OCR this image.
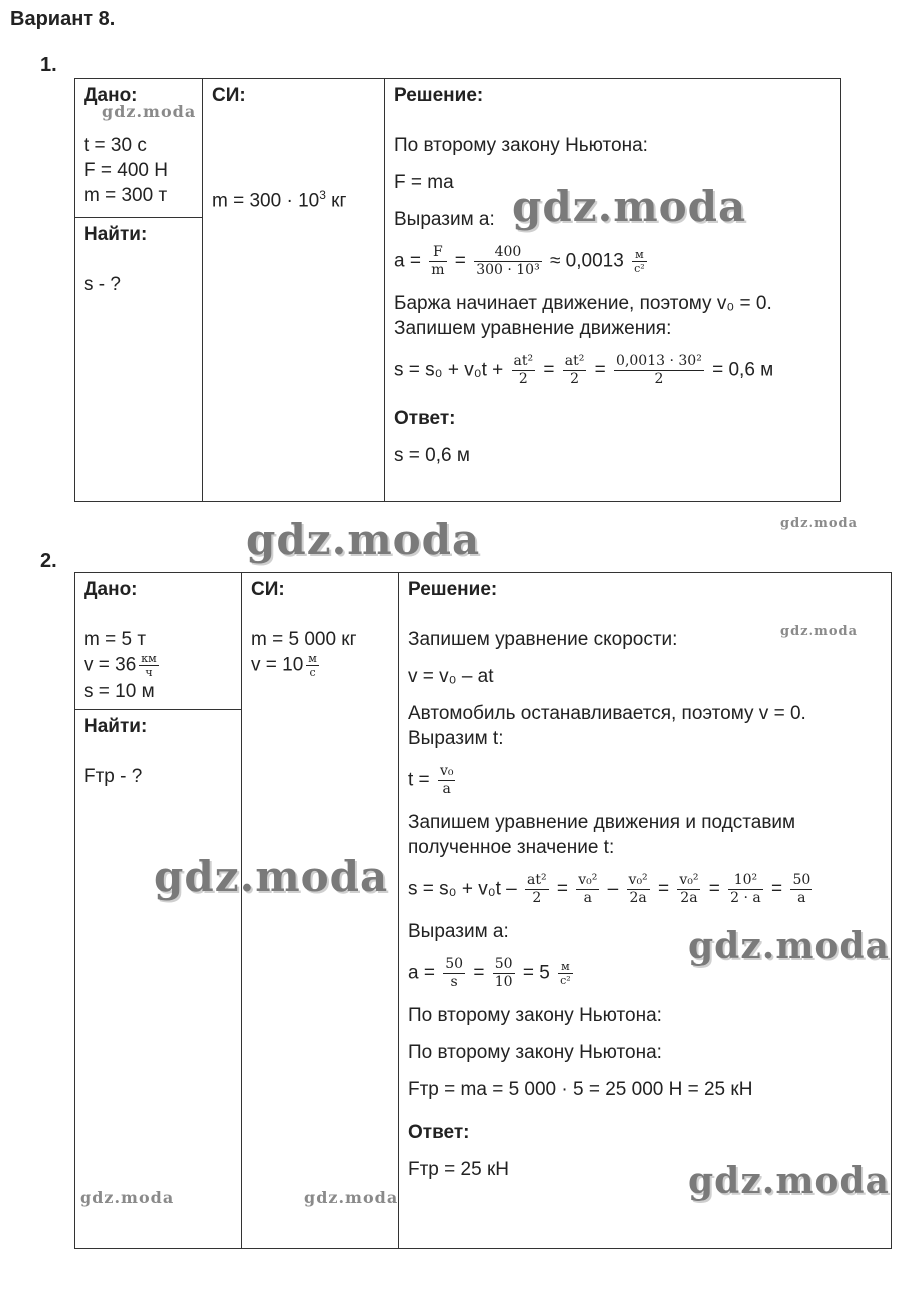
Вариант 8.
1.
Дано:
t = 30 с
F = 400 Н
m = 300 т

СИ:
$m = 300 \cdot 10^3$ кг

Решение:
По второму закону Ньютона:
F = ma
Выразим a:
$a = \frac{F}{m} = \frac{400}{\text{300 · 10³}} \approx 0,0013 \frac{м}{\text{с²}}$
Баржа начинает движение, поэтому v₀ = 0.
Запишем уравнение движения:
$s = s_0 + v_0t + \frac{\text{at²}}{2} = \frac{\text{at²}}{2} = \frac{\text{0,0013 · 30²}}{2} = 0,6$ м
Ответ:
s = 0,6 м

Найти:
s - ?
2.
Дано:
m = 5 т
$v = 36 \frac{км}{ч}$
s = 10 м

СИ:
m = 5 000 кг
$v = 10 \frac{м}{с}$

Решение:
Запишем уравнение скорости:
v = v₀ – at
Автомобиль останавливается, поэтому v = 0.
Выразим t:
$t = \frac{\text{v₀}}{a}$
Запишем уравнение движения и подставим
полученное значение t:
$s = s_0 + v_0t - \frac{\text{at²}}{2} = \frac{\text{v₀²}}{a} - \frac{\text{v₀²}}{2a} = \frac{\text{v₀²}}{2a} = \frac{\text{10²}}{2 \cdot a} = \frac{50}{a}$
Выразим a:
$a = \frac{50}{s} = \frac{50}{10} = 5 \frac{м}{\text{с²}}$
По второму закону Ньютона:
По второму закону Ньютона:
Fтр = ma = 5 000 · 5 = 25 000 Н = 25 кН
Ответ:
Fтр = 25 кН

Найти:
Fтр - ?
gdz.moda
gdz.moda
gdz.moda	gdz.moda
gdz.moda
gdz.moda
gdz.moda
gdz.moda
gdz.moda	gdz.moda
